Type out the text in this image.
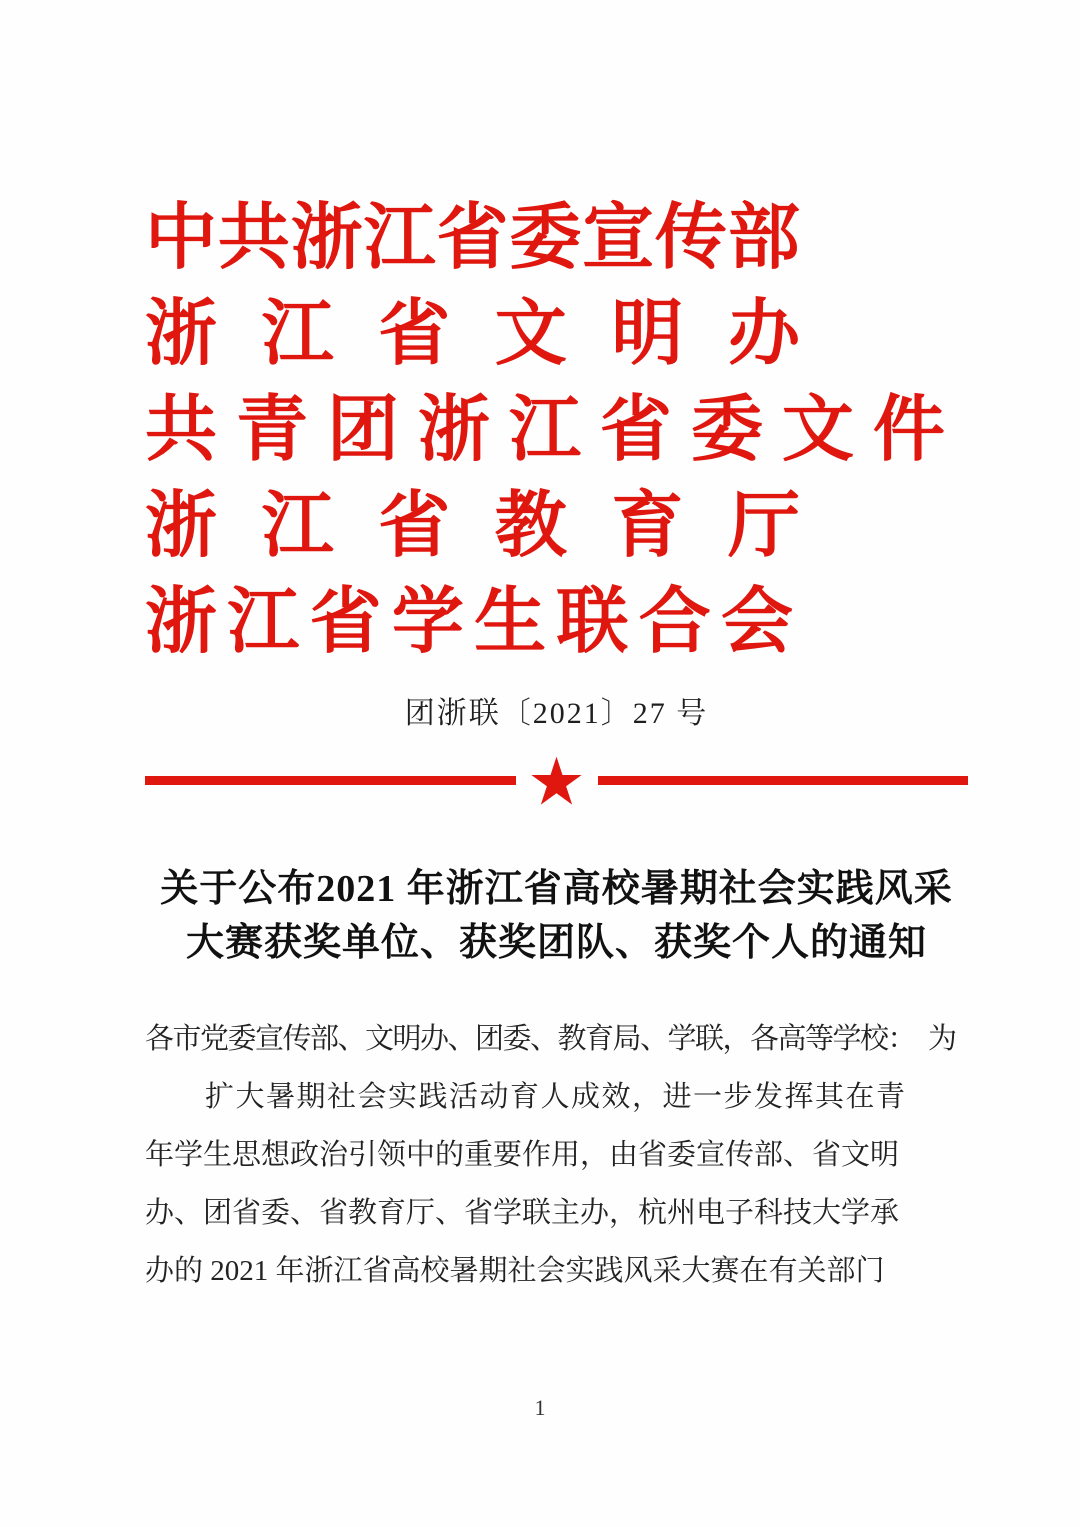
中 共 浙 江 省 委 宣 传 部
浙 江 省 文 明 办
共 青 团 浙 江 省 委 文 件
浙 江 省 教 育 厅
浙 江 省 学 生 联 合 会
团浙联〔2021〕27 号
★
关于公布2021 年浙江省高校暑期社会实践风采
大赛获奖单位、获奖团队、获奖个人的通知

各市党委宣传部、文明办、团委、教育局、学联，各高等学校：　为

扩大暑期社会实践活动育人成效，进一步发挥其在青

年学生思想政治引领中的重要作用，由省委宣传部、省文明

办、团省委、省教育厅、省学联主办，杭州电子科技大学承

办的 2021 年浙江省高校暑期社会实践风采大赛在有关部门

1
